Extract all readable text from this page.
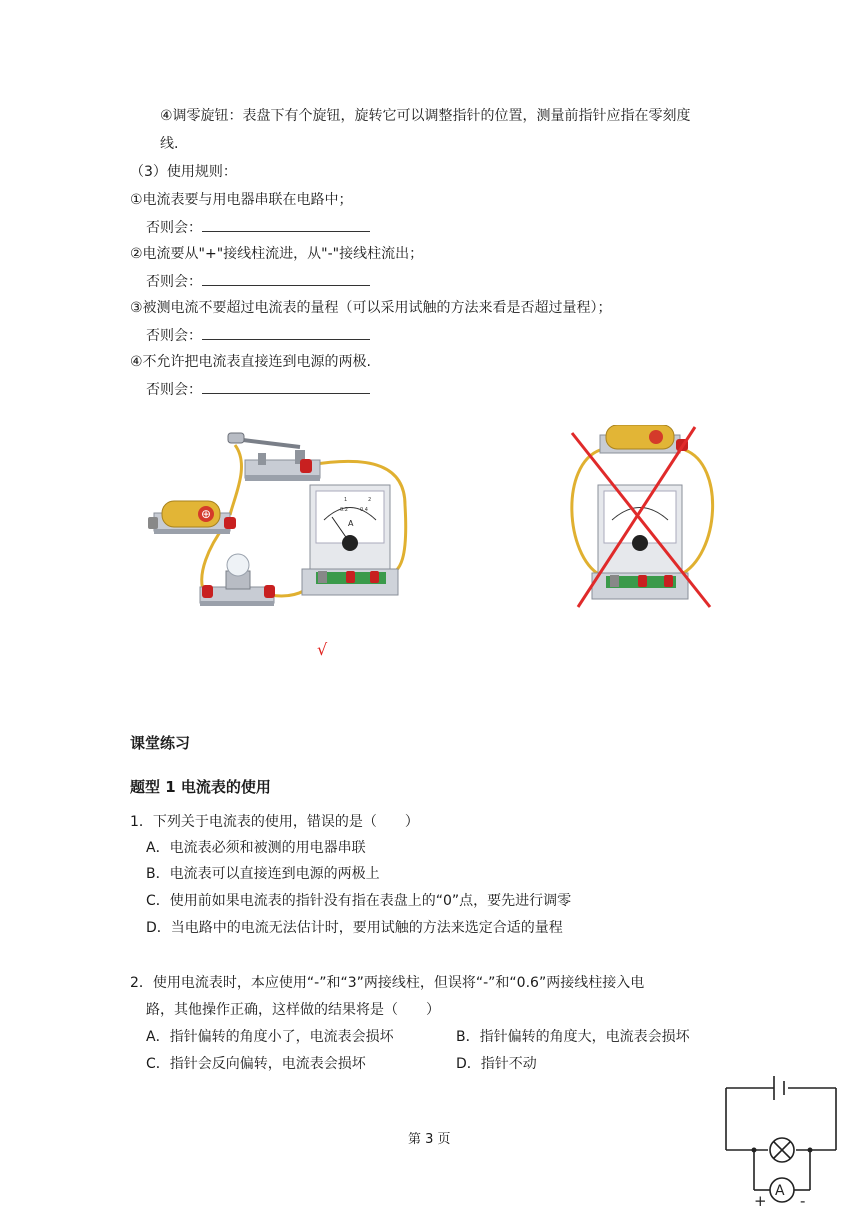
④调零旋钮：表盘下有个旋钮，旋转它可以调整指针的位置，测量前指针应指在零刻度
线.
（3）使用规则：
①电流表要与用电器串联在电路中；
否则会：
②电流要从"+"接线柱流进，从"-"接线柱流出；
否则会：
③被测电流不要超过电流表的量程（可以采用试触的方法来看是否超过量程）；
否则会：
④不允许把电流表直接连到电源的两极.
否则会：
⊕
1	2
0.2 0.4
A
√
课堂练习
题型 1 电流表的使用
1．下列关于电流表的使用，错误的是（　　）
A．电流表必须和被测的用电器串联
B．电流表可以直接连到电源的两极上
C．使用前如果电流表的指针没有指在表盘上的“0”点，要先进行调零
D．当电路中的电流无法估计时，要用试触的方法来选定合适的量程
2．使用电流表时，本应使用“-”和“3”两接线柱，但误将“-”和“0.6”两接线柱接入电
路，其他操作正确，这样做的结果将是（　　）
A．指针偏转的角度小了，电流表会损坏	B．指针偏转的角度大，电流表会损坏
C．指针会反向偏转，电流表会损坏	D．指针不动
第 3 页
A
+ -
